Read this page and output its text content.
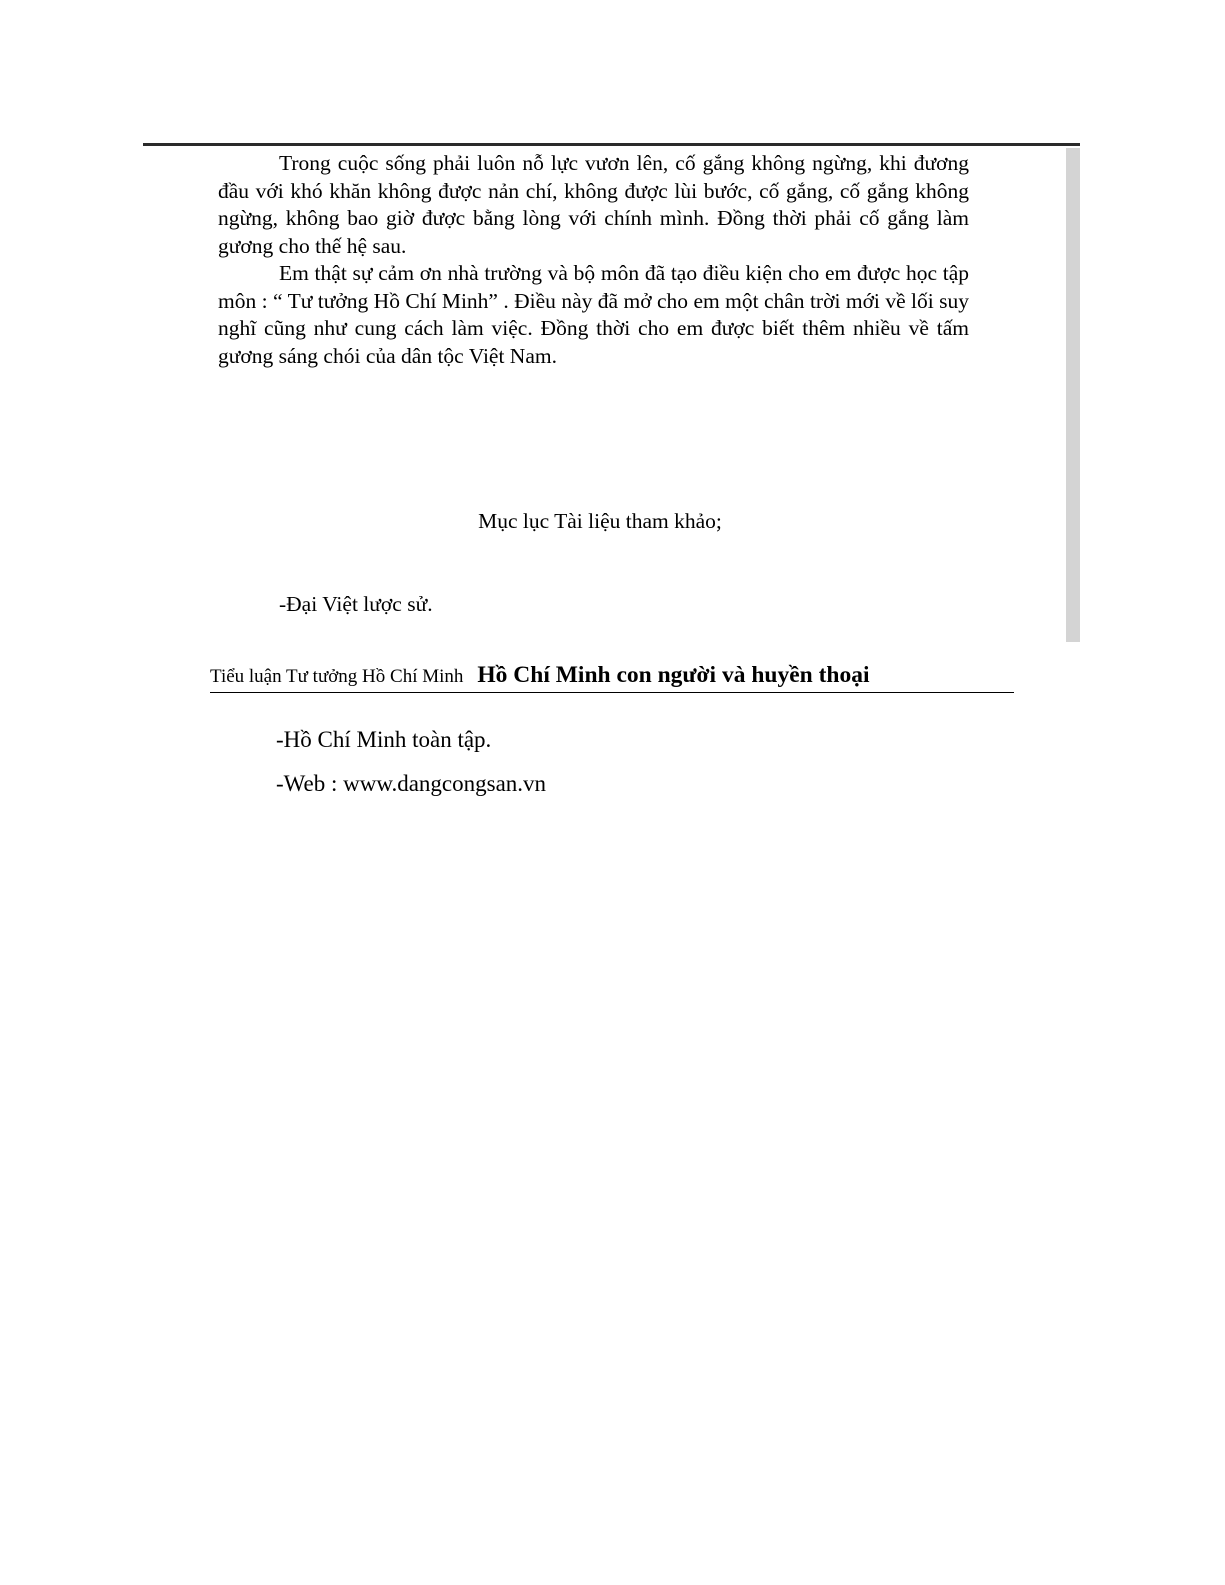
Trong cuộc sống phải luôn nỗ lực vươn lên, cố gắng không ngừng, khi đương đầu với khó khăn không được nản chí, không được lùi bước, cố gắng, cố gắng không ngừng, không bao giờ được bằng lòng với chính mình. Đồng thời phải cố gắng làm gương cho thế hệ sau.

Em thật sự cảm ơn nhà trường và bộ môn đã tạo điều kiện cho em được học tập môn : “ Tư tưởng Hồ Chí Minh” . Điều này đã mở cho em một chân trời mới về lối suy nghĩ cũng như cung cách làm việc. Đồng thời cho em được biết thêm nhiều về tấm gương sáng chói của dân tộc Việt Nam.

Mục lục Tài liệu tham khảo;

-Đại Việt lược sử.

Tiểu luận Tư tưởng Hồ Chí Minh Hồ Chí Minh con người và huyền thoại

-Hồ Chí Minh toàn tập.

-Web : www.dangcongsan.vn
